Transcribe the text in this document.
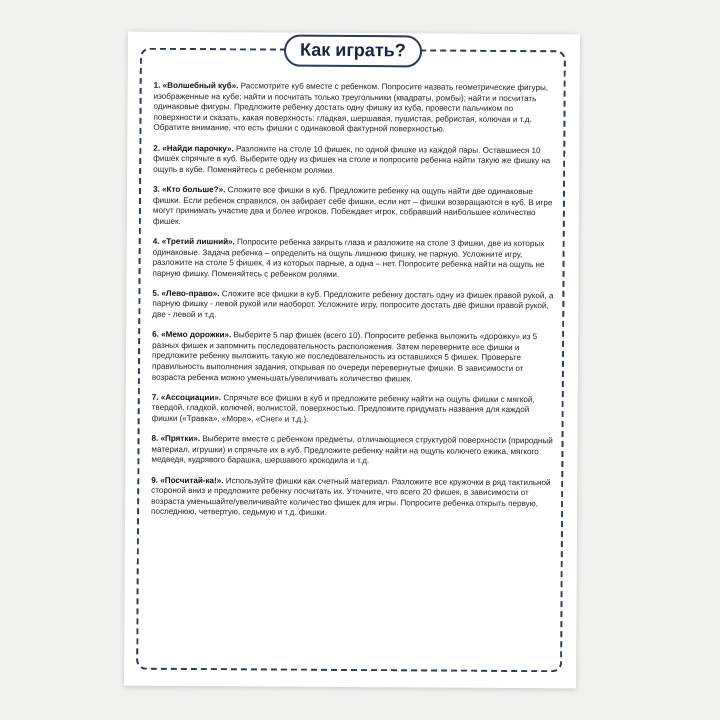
Как играть?

1. «Волшебный куб». Рассмотрите куб вместе с ребенком. Попросите назвать геометрические фигуры, изображенные на кубе; найти и посчитать только треугольники (квадраты, ромбы); найти и посчитать одинаковые фигуры. Предложите ребенку достать одну фишку из куба, провести пальчиком по поверхности и сказать, какая поверхность: гладкая, шершавая, пушистая, ребристая, колючая и т.д. Обратите внимание, что есть фишки с одинаковой фактурной поверхностью.

2. «Найди парочку». Разложите на столе 10 фишек, по одной фишке из каждой пары. Оставшиеся 10 фишек спрячьте в куб. Выберите одну из фишек на столе и попросите ребенка найти такую же фишку на ощупь в кубе. Поменяйтесь с ребенком ролями.

3. «Кто больше?». Сложите все фишки в куб. Предложите ребенку на ощупь найти две одинаковые фишки. Если ребенок справился, он забирает себе фишки, если нет – фишки возвращаются в куб. В игре могут принимать участие два и более игроков. Побеждает игрок, собравший наибольшее количество фишек.

4. «Третий лишний». Попросите ребенка закрыть глаза и разложите на столе 3 фишки, две из которых одинаковые. Задача ребенка – определить на ощупь лишнюю фишку, не парную. Усложните игру, разложите на столе 5 фишек, 4 из которых парные, а одна – нет. Попросите ребенка найти на ощупь не парную фишку. Поменяйтесь с ребенком ролями.

5. «Лево-право». Сложите все фишки в куб. Предложите ребенку достать одну из фишек правой рукой, а парную фишку - левой рукой или наоборот. Усложните игру, попросите достать две фишки правой рукой, две - левой и т.д.

6. «Мемо дорожки». Выберите 5 пар фишек (всего 10). Попросите ребенка выложить «дорожку» из 5 разных фишек и запомнить последовательность расположения. Затем переверните все фишки и предложите ребенку выложить такую же последовательность из оставшихся 5 фишек. Проверьте правильность выполнения задания, открывая по очереди перевернутые фишки. В зависимости от возраста ребенка можно уменьшать/увеличивать количество фишек.

7. «Ассоциации». Спрячьте все фишки в куб и предложите ребенку найти на ощупь фишки с мягкой, твердой, гладкой, колючей, волнистой, поверхностью. Предложите придумать названия для каждой фишки («Травка», «Море», «Снег» и т.д.).

8. «Прятки». Выберите вместе с ребенком предметы, отличающиеся структурой поверхности (природный материал, игрушки) и спрячьте их в куб. Предложите ребенку найти на ощупь колючего ежика, мягкого медведя, кудрявого барашка, шершавого крокодила и т.д.

9. «Посчитай-ка!». Используйте фишки как счетный материал. Разложите все кружочки в ряд тактильной стороной вниз и предложите ребенку посчитать их. Уточните, что всего 20 фишек, в зависимости от возраста уменьшайте/увеличивайте количество фишек для игры. Попросите ребенка открыть первую, последнюю, четвертую, седьмую и т.д. фишки.
